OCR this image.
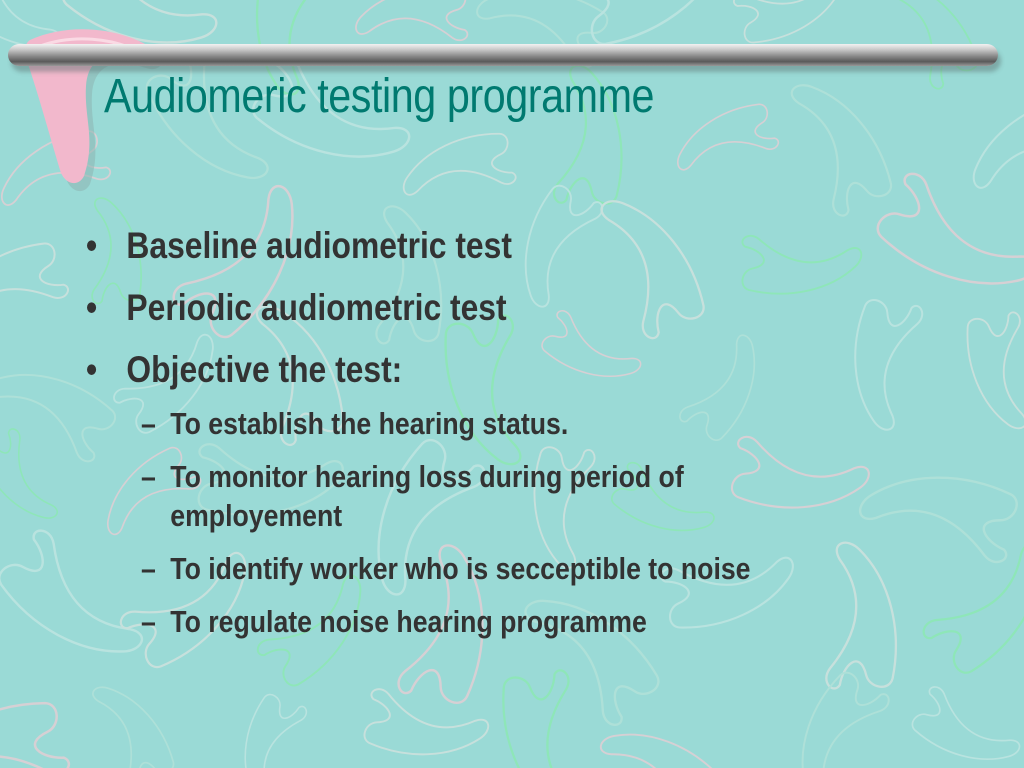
Audiomeric testing programme
• Baseline audiometric test
• Periodic audiometric test
• Objective the test:
– To establish the hearing status.
– To monitor hearing loss during period of employement
– To identify worker who is secceptible to noise
– To regulate noise hearing programme
